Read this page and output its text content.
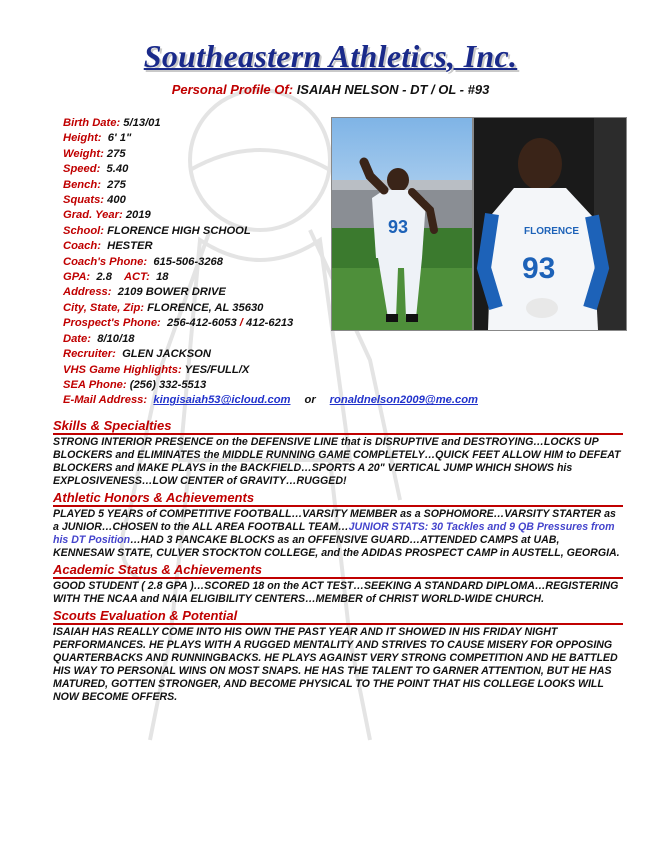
Southeastern Athletics, Inc.
Personal Profile Of: ISAIAH NELSON - DT / OL - #93
Birth Date: 5/13/01
Height: 6' 1"
Weight: 275
Speed: 5.40
Bench: 275
Squats: 400
Grad. Year: 2019
School: FLORENCE HIGH SCHOOL
Coach: HESTER
Coach's Phone: 615-506-3268
GPA: 2.8 ACT: 18
Address: 2109 BOWER DRIVE
City, State, Zip: FLORENCE, AL 35630
Prospect's Phone: 256-412-6053 / 412-6213
Date: 8/10/18
Recruiter: GLEN JACKSON
VHS Game Highlights: YES/FULL/X
SEA Phone: (256) 332-5513
E-Mail Address: kingisaiah53@icloud.com or ronaldnelson2009@me.com
93	FLORENCE
93
Skills & Specialties
STRONG INTERIOR PRESENCE on the DEFENSIVE LINE that is DISRUPTIVE and DESTROYING…LOCKS UP BLOCKERS and ELIMINATES the MIDDLE RUNNING GAME COMPLETELY…QUICK FEET ALLOW HIM to DEFEAT BLOCKERS and MAKE PLAYS in the BACKFIELD…SPORTS A 20" VERTICAL JUMP WHICH SHOWS his EXPLOSIVENESS…LOW CENTER of GRAVITY…RUGGED!
Athletic Honors & Achievements
PLAYED 5 YEARS of COMPETITIVE FOOTBALL…VARSITY MEMBER as a SOPHOMORE…VARSITY STARTER as a JUNIOR…CHOSEN to the ALL AREA FOOTBALL TEAM…JUNIOR STATS: 30 Tackles and 9 QB Pressures from his DT Position…HAD 3 PANCAKE BLOCKS as an OFFENSIVE GUARD…ATTENDED CAMPS at UAB, KENNESAW STATE, CULVER STOCKTON COLLEGE, and the ADIDAS PROSPECT CAMP in AUSTELL, GEORGIA.
Academic Status & Achievements
GOOD STUDENT ( 2.8 GPA )…SCORED 18 on the ACT TEST…SEEKING A STANDARD DIPLOMA…REGISTERING WITH THE NCAA and NAIA ELIGIBILITY CENTERS…MEMBER of CHRIST WORLD-WIDE CHURCH.
Scouts Evaluation & Potential
ISAIAH HAS REALLY COME INTO HIS OWN THE PAST YEAR AND IT SHOWED IN HIS FRIDAY NIGHT PERFORMANCES. HE PLAYS WITH A RUGGED MENTALITY AND STRIVES TO CAUSE MISERY FOR OPPOSING QUARTERBACKS AND RUNNINGBACKS. HE PLAYS AGAINST VERY STRONG COMPETITION AND HE BATTLED HIS WAY TO PERSONAL WINS ON MOST SNAPS. HE HAS THE TALENT TO GARNER ATTENTION, BUT HE HAS MATURED, GOTTEN STRONGER, AND BECOME PHYSICAL TO THE POINT THAT HIS COLLEGE LOOKS WILL NOW BECOME OFFERS.
